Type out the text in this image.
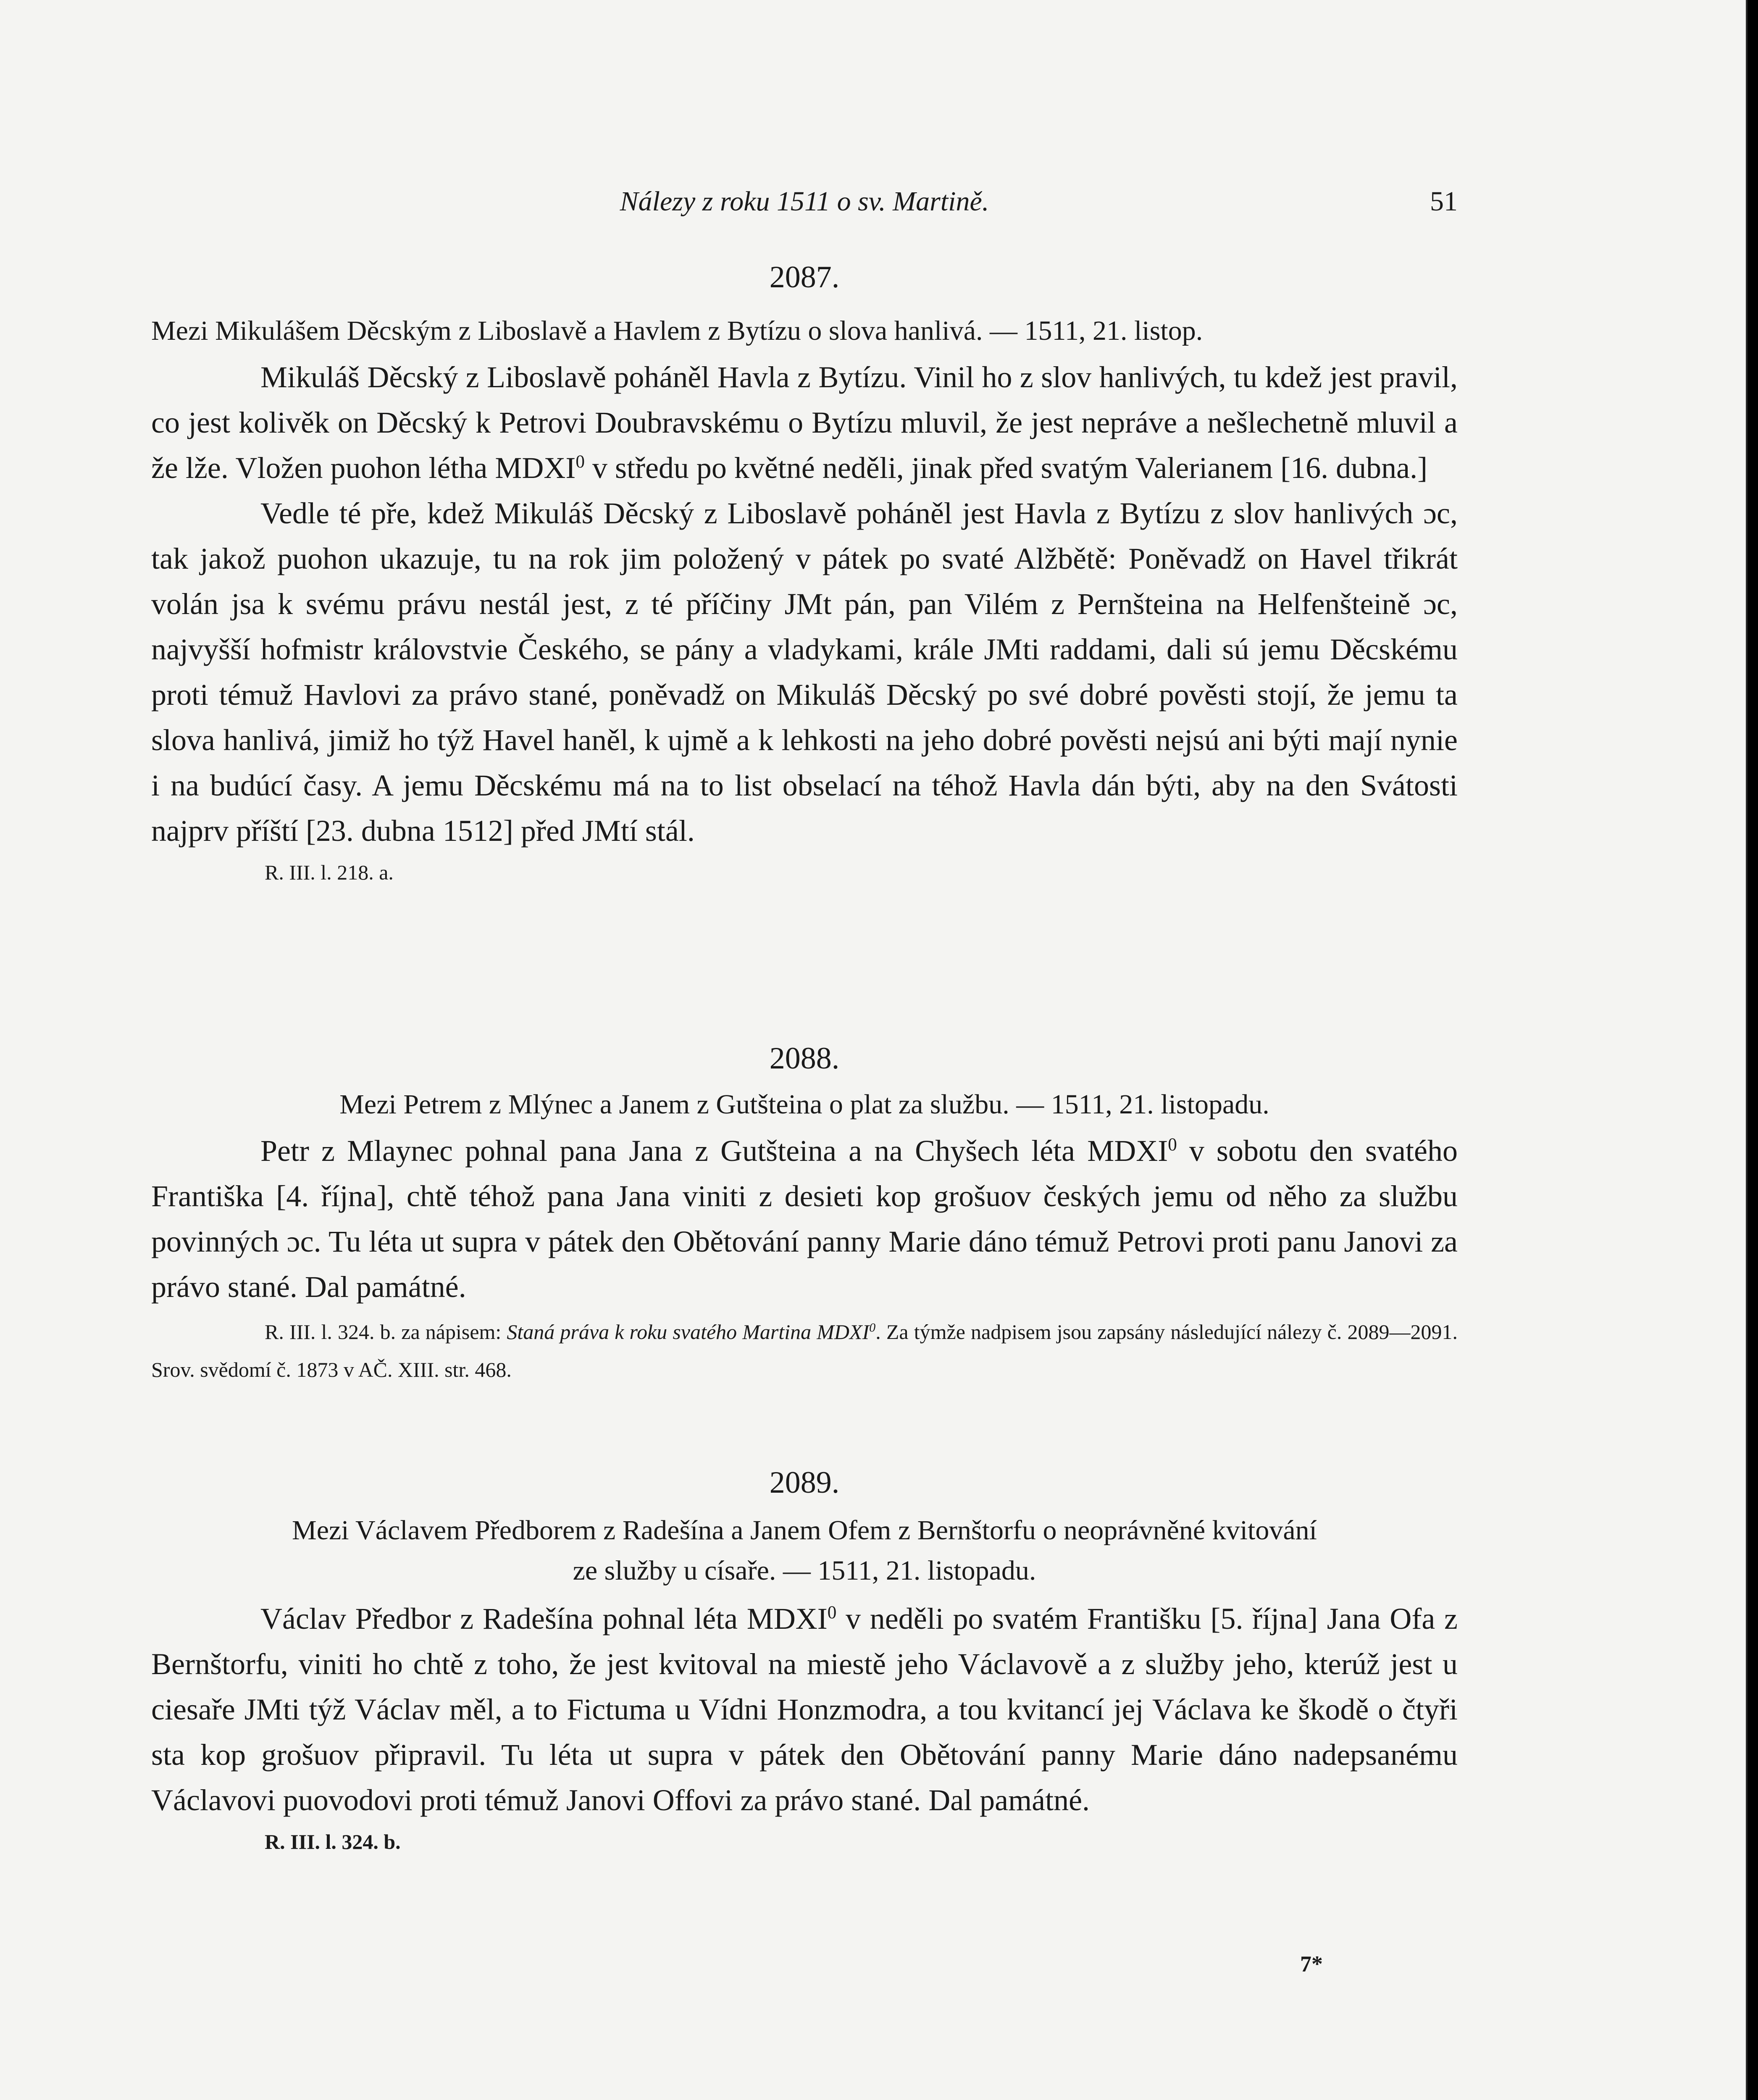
Nálezy z roku 1511 o sv. Martině.	51
2087.
Mezi Mikulášem Děcským z Liboslavě a Havlem z Bytízu o slova hanlivá. — 1511, 21. listop.

Mikuláš Děcský z Liboslavě poháněl Havla z Bytízu. Vinil ho z slov hanlivých, tu kdež jest pravil, co jest kolivěk on Děcský k Petrovi Doubravskému o Bytízu mluvil, že jest nepráve a nešlechetně mluvil a že lže. Vložen puohon létha MDXI$^0$ v středu po květné neděli, jinak před svatým Valerianem [16. dubna.]

Vedle té pře, kdež Mikuláš Děcský z Liboslavě poháněl jest Havla z Bytízu z slov hanlivých ɔc, tak jakož puohon ukazuje, tu na rok jim položený v pátek po svaté Alžbětě: Poněvadž on Havel třikrát volán jsa k svému právu nestál jest, z té příčiny JMt pán, pan Vilém z Pernšteina na Helfenšteině ɔc, najvyšší hofmistr královstvie Českého, se pány a vladykami, krále JMti raddami, dali sú jemu Děcskému proti témuž Havlovi za právo stané, poněvadž on Mikuláš Děcský po své dobré pověsti stojí, že jemu ta slova hanlivá, jimiž ho týž Havel haněl, k ujmě a k lehkosti na jeho dobré pověsti nejsú ani býti mají nynie i na budúcí časy. A jemu Děcskému má na to list obselací na téhož Havla dán býti, aby na den Svátosti najprv příští [23. dubna 1512] před JMtí stál.

R. III. l. 218. a.
2088.
Mezi Petrem z Mlýnec a Janem z Gutšteina o plat za službu. — 1511, 21. listopadu.

Petr z Mlaynec pohnal pana Jana z Gutšteina a na Chyšech léta MDXI$^0$ v sobotu den svatého Františka [4. října], chtě téhož pana Jana viniti z desieti kop grošuov českých jemu od něho za službu povinných ɔc. Tu léta ut supra v pátek den Obětování panny Marie dáno témuž Petrovi proti panu Janovi za právo stané. Dal památné.

R. III. l. 324. b. za nápisem: Staná práva k roku svatého Martina MDXI$^0$. Za týmže nadpisem jsou zapsány následující nálezy č. 2089—2091. Srov. svědomí č. 1873 v AČ. XIII. str. 468.

2089.
Mezi Václavem Předborem z Radešína a Janem Ofem z Bernštorfu o neoprávněné kvitování
ze služby u císaře. — 1511, 21. listopadu.

Václav Předbor z Radešína pohnal léta MDXI$^0$ v neděli po svatém Františku [5. října] Jana Ofa z Bernštorfu, viniti ho chtě z toho, že jest kvitoval na miestě jeho Václavově a z služby jeho, kterúž jest u ciesaře JMti týž Václav měl, a to Fictuma u Vídni Honzmodra, a tou kvitancí jej Václava ke škodě o čtyři sta kop grošuov připravil. Tu léta ut supra v pátek den Obětování panny Marie dáno nadepsanému Václavovi puovodovi proti témuž Janovi Offovi za právo stané. Dal památné.

R. III. l. 324. b.
7*
